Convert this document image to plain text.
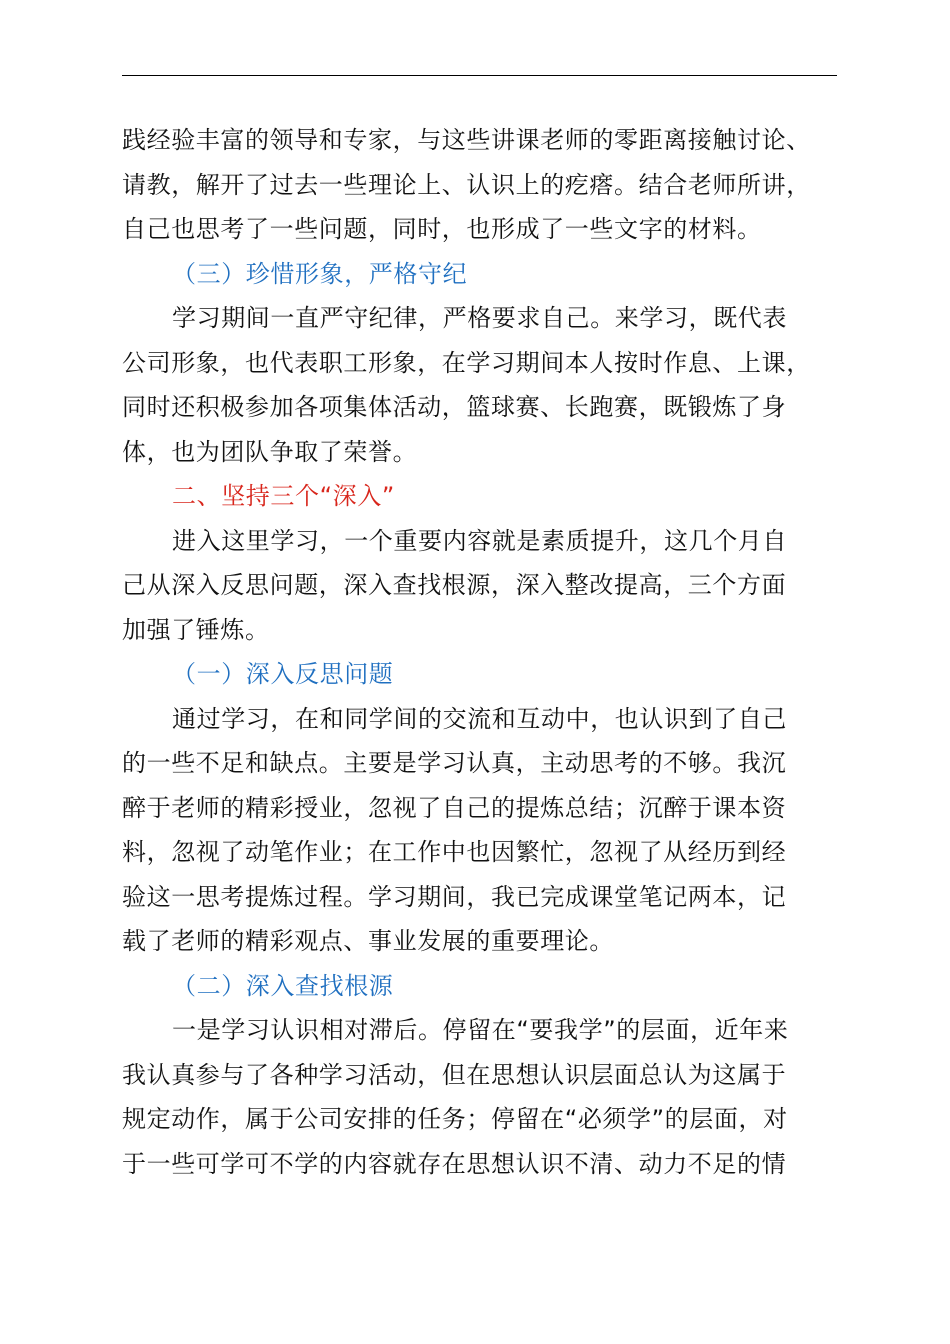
践经验丰富的领导和专家，与这些讲课老师的零距离接触讨论、
请教，解开了过去一些理论上、认识上的疙瘩。结合老师所讲，
自己也思考了一些问题，同时，也形成了一些文字的材料。
（三）珍惜形象，严格守纪
学习期间一直严守纪律，严格要求自己。来学习，既代表
公司形象，也代表职工形象，在学习期间本人按时作息、上课，
同时还积极参加各项集体活动，篮球赛、长跑赛，既锻炼了身
体，也为团队争取了荣誉。
二、坚持三个“深入”
进入这里学习，一个重要内容就是素质提升，这几个月自
己从深入反思问题，深入查找根源，深入整改提高，三个方面
加强了锤炼。
（一）深入反思问题
通过学习，在和同学间的交流和互动中，也认识到了自己
的一些不足和缺点。主要是学习认真，主动思考的不够。我沉
醉于老师的精彩授业，忽视了自己的提炼总结；沉醉于课本资
料，忽视了动笔作业；在工作中也因繁忙，忽视了从经历到经
验这一思考提炼过程。学习期间，我已完成课堂笔记两本，记
载了老师的精彩观点、事业发展的重要理论。
（二）深入查找根源
一是学习认识相对滞后。停留在“要我学”的层面，近年来
我认真参与了各种学习活动，但在思想认识层面总认为这属于
规定动作，属于公司安排的任务；停留在“必须学”的层面，对
于一些可学可不学的内容就存在思想认识不清、动力不足的情
